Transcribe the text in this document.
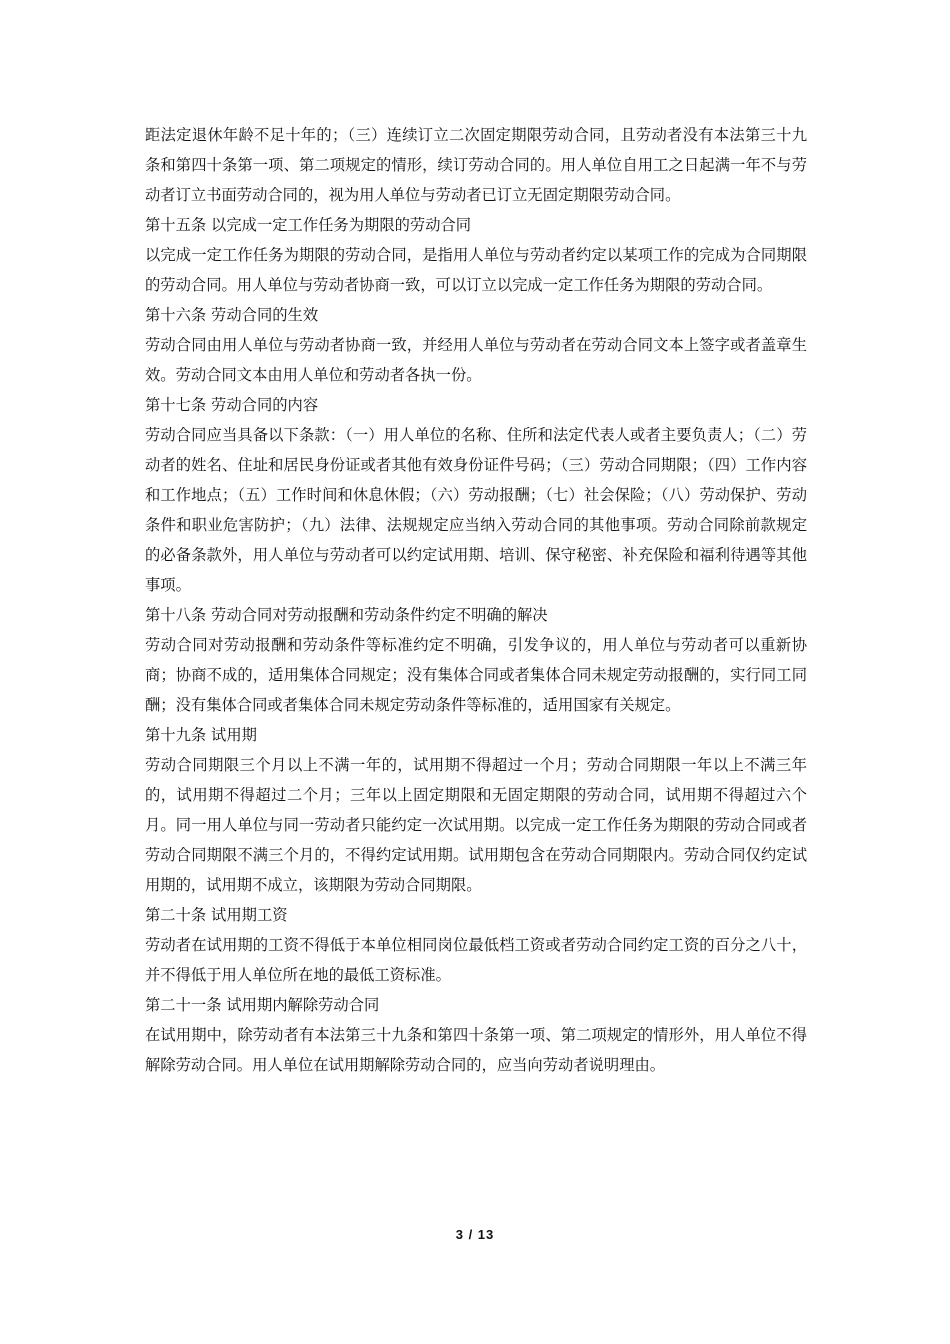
距法定退休年龄不足十年的；（三）连续订立二次固定期限劳动合同，且劳动者没有本法第三十九条和第四十条第一项、第二项规定的情形，续订劳动合同的。用人单位自用工之日起满一年不与劳动者订立书面劳动合同的，视为用人单位与劳动者已订立无固定期限劳动合同。

第十五条 以完成一定工作任务为期限的劳动合同

以完成一定工作任务为期限的劳动合同，是指用人单位与劳动者约定以某项工作的完成为合同期限的劳动合同。用人单位与劳动者协商一致，可以订立以完成一定工作任务为期限的劳动合同。

第十六条 劳动合同的生效

劳动合同由用人单位与劳动者协商一致，并经用人单位与劳动者在劳动合同文本上签字或者盖章生效。劳动合同文本由用人单位和劳动者各执一份。

第十七条 劳动合同的内容

劳动合同应当具备以下条款：（一）用人单位的名称、住所和法定代表人或者主要负责人；（二）劳动者的姓名、住址和居民身份证或者其他有效身份证件号码；（三）劳动合同期限；（四）工作内容和工作地点；（五）工作时间和休息休假；（六）劳动报酬；（七）社会保险；（八）劳动保护、劳动条件和职业危害防护；（九）法律、法规规定应当纳入劳动合同的其他事项。劳动合同除前款规定的必备条款外，用人单位与劳动者可以约定试用期、培训、保守秘密、补充保险和福利待遇等其他事项。

第十八条 劳动合同对劳动报酬和劳动条件约定不明确的解决

劳动合同对劳动报酬和劳动条件等标准约定不明确，引发争议的，用人单位与劳动者可以重新协商；协商不成的，适用集体合同规定；没有集体合同或者集体合同未规定劳动报酬的，实行同工同酬；没有集体合同或者集体合同未规定劳动条件等标准的，适用国家有关规定。

第十九条 试用期

劳动合同期限三个月以上不满一年的，试用期不得超过一个月；劳动合同期限一年以上不满三年的，试用期不得超过二个月；三年以上固定期限和无固定期限的劳动合同，试用期不得超过六个月。同一用人单位与同一劳动者只能约定一次试用期。以完成一定工作任务为期限的劳动合同或者劳动合同期限不满三个月的，不得约定试用期。试用期包含在劳动合同期限内。劳动合同仅约定试用期的，试用期不成立，该期限为劳动合同期限。

第二十条 试用期工资

劳动者在试用期的工资不得低于本单位相同岗位最低档工资或者劳动合同约定工资的百分之八十，并不得低于用人单位所在地的最低工资标准。

第二十一条 试用期内解除劳动合同

在试用期中，除劳动者有本法第三十九条和第四十条第一项、第二项规定的情形外，用人单位不得解除劳动合同。用人单位在试用期解除劳动合同的，应当向劳动者说明理由。

3 / 13
